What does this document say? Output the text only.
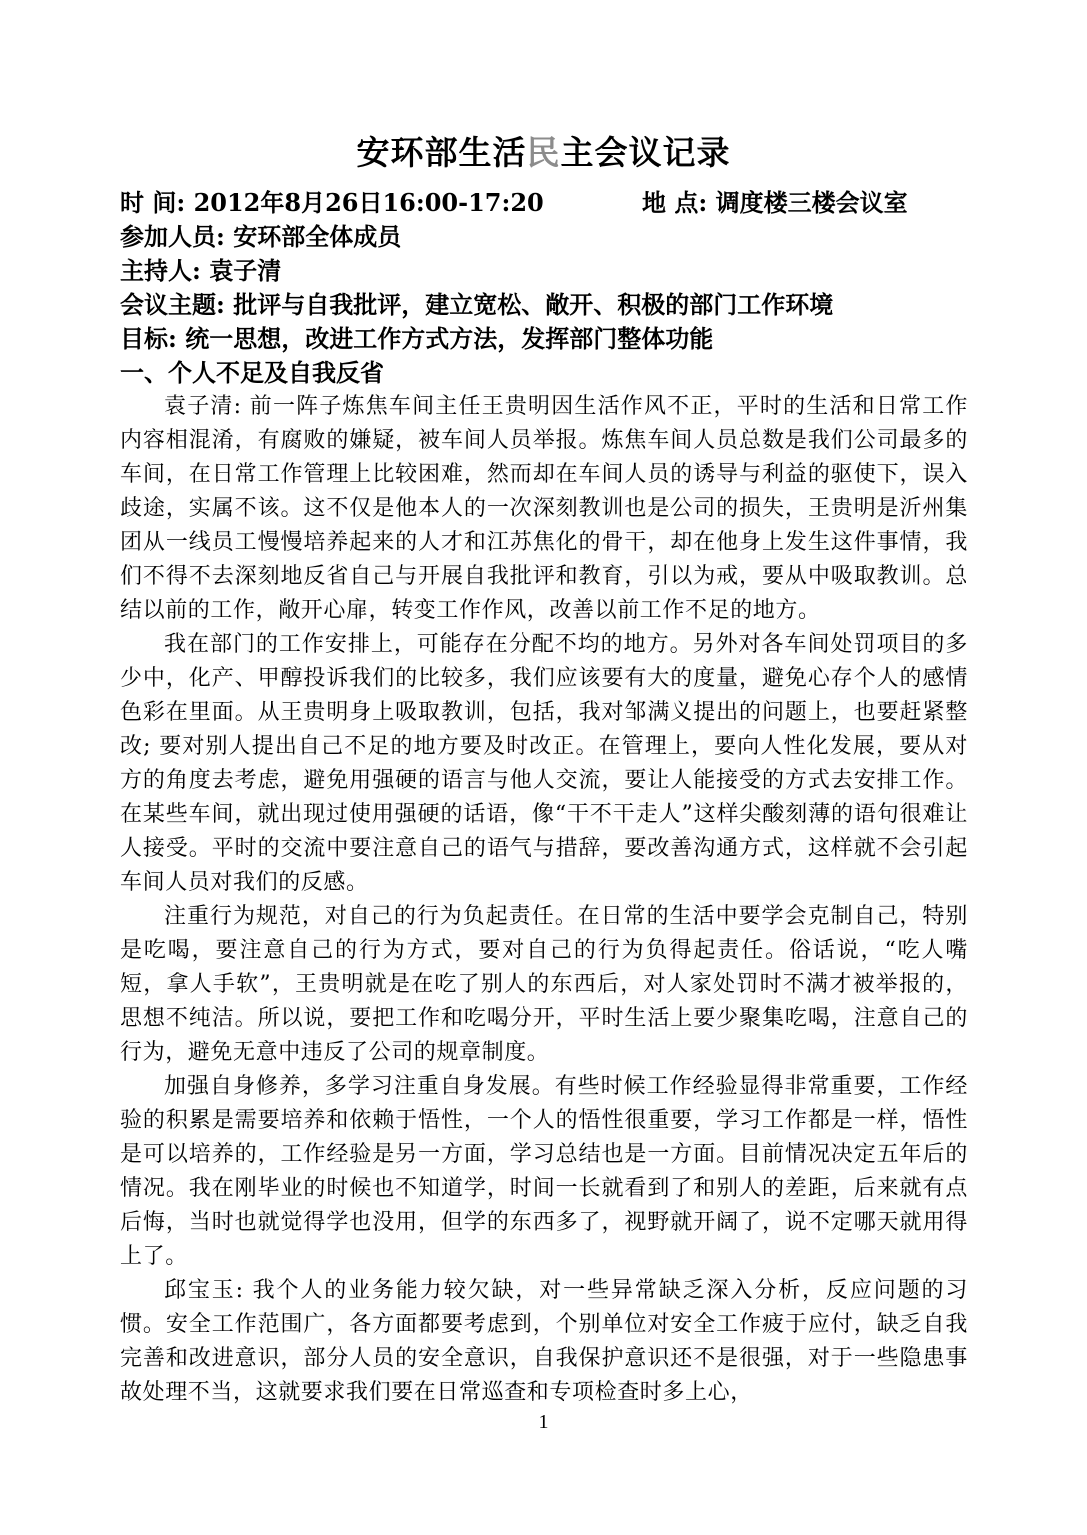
安环部生活民主会议记录
时 间: 2012年8月26日16:00-17:20	地 点: 调度楼三楼会议室
参加人员: 安环部全体成员
主持人: 袁子清
会议主题: 批评与自我批评，建立宽松、敞开、积极的部门工作环境
目标: 统一思想，改进工作方式方法，发挥部门整体功能
一、个人不足及自我反省

袁子清: 前一阵子炼焦车间主任王贵明因生活作风不正，平时的生活和日常工作内容相混淆，有腐败的嫌疑，被车间人员举报。炼焦车间人员总数是我们公司最多的车间，在日常工作管理上比较困难，然而却在车间人员的诱导与利益的驱使下，误入歧途，实属不该。这不仅是他本人的一次深刻教训也是公司的损失，王贵明是沂州集团从一线员工慢慢培养起来的人才和江苏焦化的骨干，却在他身上发生这件事情，我们不得不去深刻地反省自己与开展自我批评和教育，引以为戒，要从中吸取教训。总结以前的工作，敞开心扉，转变工作作风，改善以前工作不足的地方。

我在部门的工作安排上，可能存在分配不均的地方。另外对各车间处罚项目的多少中，化产、甲醇投诉我们的比较多，我们应该要有大的度量，避免心存个人的感情色彩在里面。从王贵明身上吸取教训，包括，我对邹满义提出的问题上，也要赶紧整改; 要对别人提出自己不足的地方要及时改正。在管理上，要向人性化发展，要从对方的角度去考虑，避免用强硬的语言与他人交流，要让人能接受的方式去安排工作。在某些车间，就出现过使用强硬的话语，像“干不干走人”这样尖酸刻薄的语句很难让人接受。平时的交流中要注意自己的语气与措辞，要改善沟通方式，这样就不会引起车间人员对我们的反感。

注重行为规范，对自己的行为负起责任。在日常的生活中要学会克制自己，特别是吃喝，要注意自己的行为方式，要对自己的行为负得起责任。俗话说，“吃人嘴短，拿人手软”，王贵明就是在吃了别人的东西后，对人家处罚时不满才被举报的，思想不纯洁。所以说，要把工作和吃喝分开，平时生活上要少聚集吃喝，注意自己的行为，避免无意中违反了公司的规章制度。

加强自身修养，多学习注重自身发展。有些时候工作经验显得非常重要，工作经验的积累是需要培养和依赖于悟性，一个人的悟性很重要，学习工作都是一样，悟性是可以培养的，工作经验是另一方面，学习总结也是一方面。目前情况决定五年后的情况。我在刚毕业的时候也不知道学，时间一长就看到了和别人的差距，后来就有点后悔，当时也就觉得学也没用，但学的东西多了，视野就开阔了，说不定哪天就用得上了。

邱宝玉: 我个人的业务能力较欠缺，对一些异常缺乏深入分析，反应问题的习惯。安全工作范围广，各方面都要考虑到，个别单位对安全工作疲于应付，缺乏自我完善和改进意识，部分人员的安全意识，自我保护意识还不是很强，对于一些隐患事故处理不当，这就要求我们要在日常巡查和专项检查时多上心，

1
